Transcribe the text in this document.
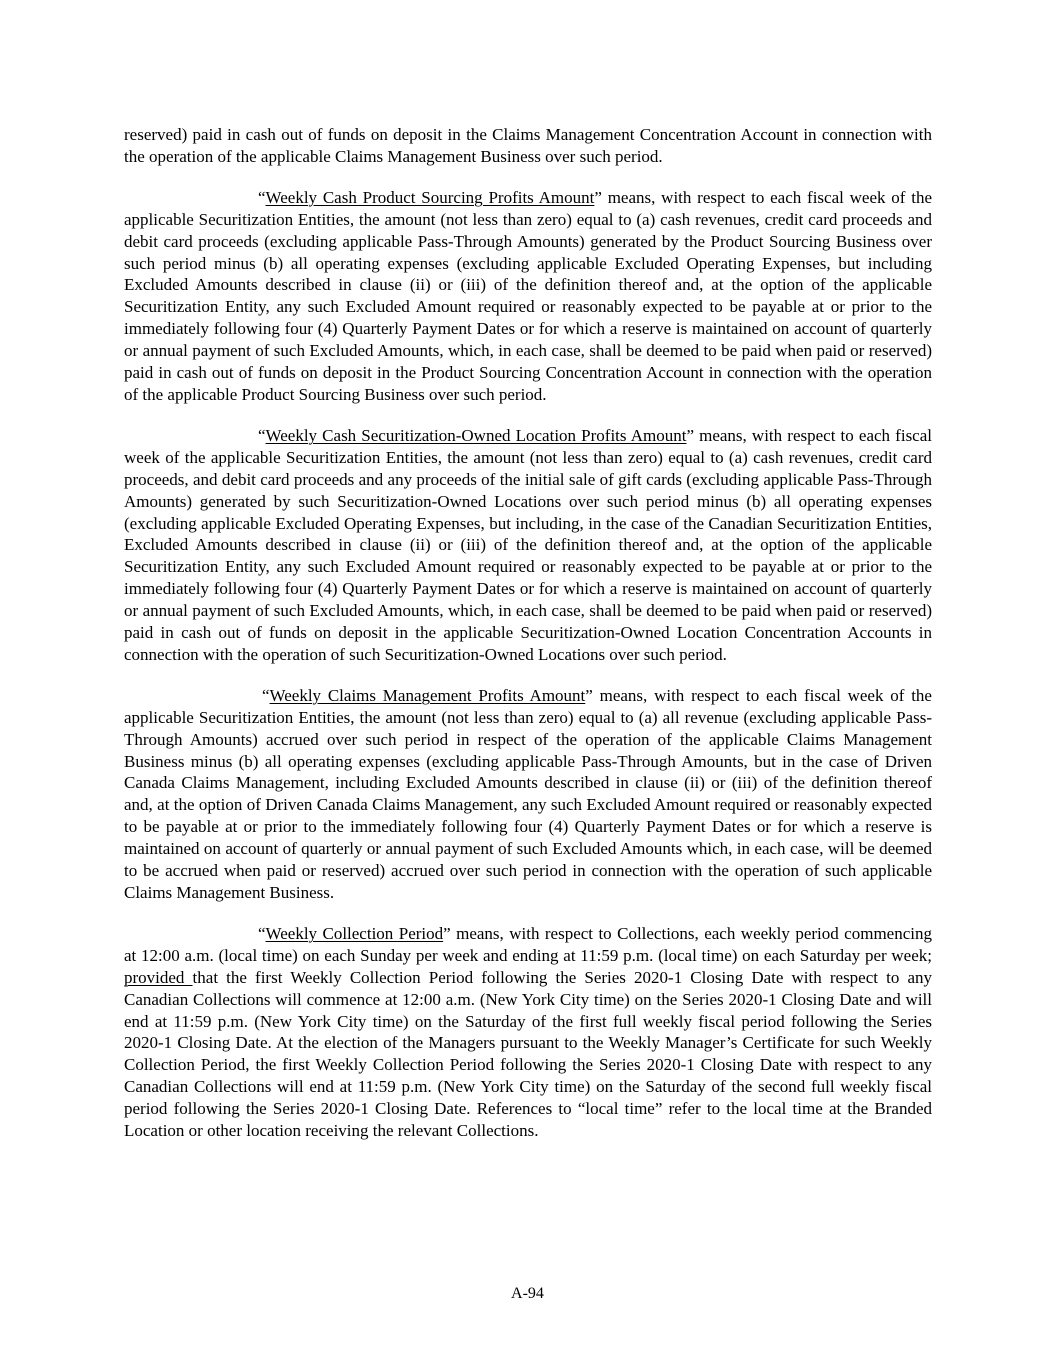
reserved) paid in cash out of funds on deposit in the Claims Management Concentration Account in connection with the operation of the applicable Claims Management Business over such period.

“Weekly Cash Product Sourcing Profits Amount” means, with respect to each fiscal week of the applicable Securitization Entities, the amount (not less than zero) equal to (a) cash revenues, credit card proceeds and debit card proceeds (excluding applicable Pass-Through Amounts) generated by the Product Sourcing Business over such period minus (b) all operating expenses (excluding applicable Excluded Operating Expenses, but including Excluded Amounts described in clause (ii) or (iii) of the definition thereof and, at the option of the applicable Securitization Entity, any such Excluded Amount required or reasonably expected to be payable at or prior to the immediately following four (4) Quarterly Payment Dates or for which a reserve is maintained on account of quarterly or annual payment of such Excluded Amounts, which, in each case, shall be deemed to be paid when paid or reserved) paid in cash out of funds on deposit in the Product Sourcing Concentration Account in connection with the operation of the applicable Product Sourcing Business over such period.

“Weekly Cash Securitization-Owned Location Profits Amount” means, with respect to each fiscal week of the applicable Securitization Entities, the amount (not less than zero) equal to (a) cash revenues, credit card proceeds, and debit card proceeds and any proceeds of the initial sale of gift cards (excluding applicable Pass-Through Amounts) generated by such Securitization-Owned Locations over such period minus (b) all operating expenses (excluding applicable Excluded Operating Expenses, but including, in the case of the Canadian Securitization Entities, Excluded Amounts described in clause (ii) or (iii) of the definition thereof and, at the option of the applicable Securitization Entity, any such Excluded Amount required or reasonably expected to be payable at or prior to the immediately following four (4) Quarterly Payment Dates or for which a reserve is maintained on account of quarterly or annual payment of such Excluded Amounts, which, in each case, shall be deemed to be paid when paid or reserved) paid in cash out of funds on deposit in the applicable Securitization-Owned Location Concentration Accounts in connection with the operation of such Securitization-Owned Locations over such period.

“Weekly Claims Management Profits Amount” means, with respect to each fiscal week of the applicable Securitization Entities, the amount (not less than zero) equal to (a) all revenue (excluding applicable Pass-Through Amounts) accrued over such period in respect of the operation of the applicable Claims Management Business minus (b) all operating expenses (excluding applicable Pass-Through Amounts, but in the case of Driven Canada Claims Management, including Excluded Amounts described in clause (ii) or (iii) of the definition thereof and, at the option of Driven Canada Claims Management, any such Excluded Amount required or reasonably expected to be payable at or prior to the immediately following four (4) Quarterly Payment Dates or for which a reserve is maintained on account of quarterly or annual payment of such Excluded Amounts which, in each case, will be deemed to be accrued when paid or reserved) accrued over such period in connection with the operation of such applicable Claims Management Business.

“Weekly Collection Period” means, with respect to Collections, each weekly period commencing at 12:00 a.m. (local time) on each Sunday per week and ending at 11:59 p.m. (local time) on each Saturday per week; provided that the first Weekly Collection Period following the Series 2020-1 Closing Date with respect to any Canadian Collections will commence at 12:00 a.m. (New York City time) on the Series 2020-1 Closing Date and will end at 11:59 p.m. (New York City time) on the Saturday of the first full weekly fiscal period following the Series 2020-1 Closing Date. At the election of the Managers pursuant to the Weekly Manager’s Certificate for such Weekly Collection Period, the first Weekly Collection Period following the Series 2020-1 Closing Date with respect to any Canadian Collections will end at 11:59 p.m. (New York City time) on the Saturday of the second full weekly fiscal period following the Series 2020-1 Closing Date. References to “local time” refer to the local time at the Branded Location or other location receiving the relevant Collections.

A-94
